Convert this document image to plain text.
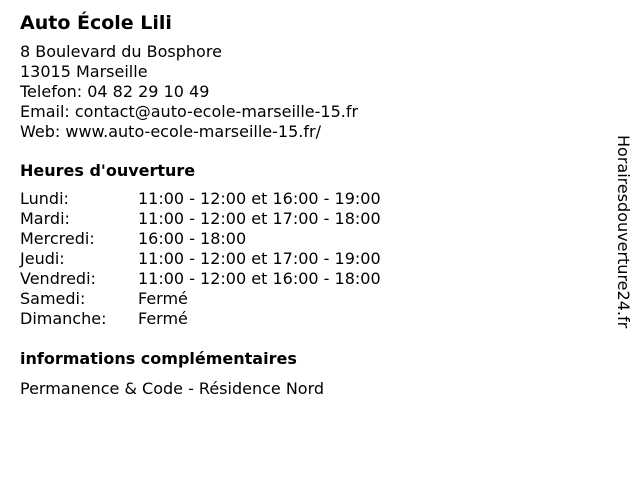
Auto École Lili
8 Boulevard du Bosphore
13015 Marseille
Telefon: 04 82 29 10 49
Email: contact@auto-ecole-marseille-15.fr
Web: www.auto-ecole-marseille-15.fr/
Heures d'ouverture
Lundi:	11:00 - 12:00 et 16:00 - 19:00
Mardi:	11:00 - 12:00 et 17:00 - 18:00
Mercredi:	16:00 - 18:00
Jeudi:	11:00 - 12:00 et 17:00 - 19:00
Vendredi:	11:00 - 12:00 et 16:00 - 18:00
Samedi:	Fermé
Dimanche:	Fermé
informations complémentaires
Permanence & Code - Résidence Nord
Horairesdouverture24.fr
